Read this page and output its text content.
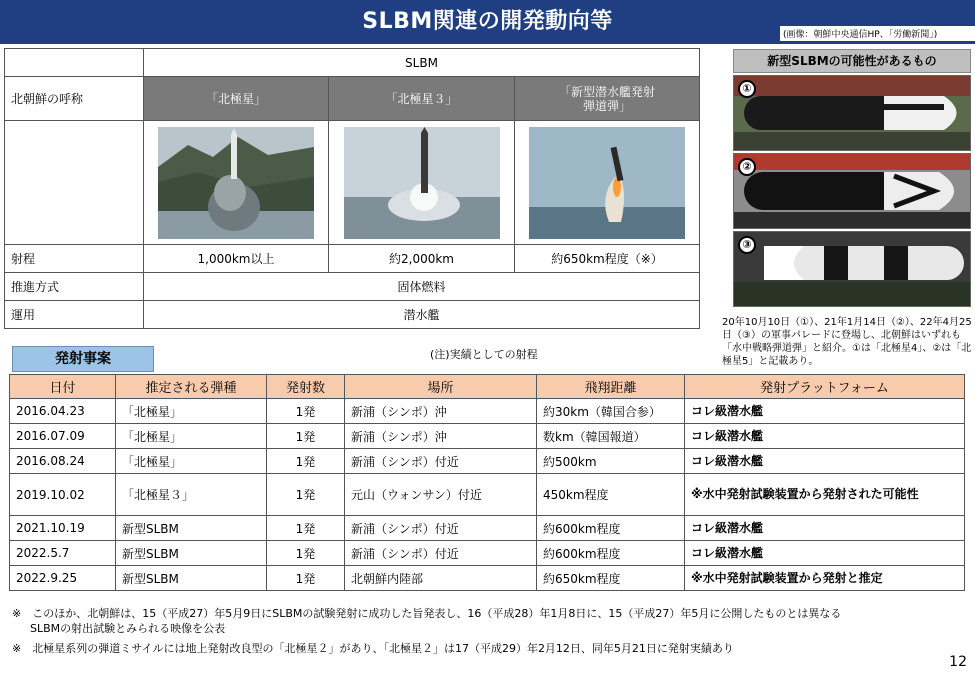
SLBM関連の開発動向等
(画像：朝鮮中央通信HP、「労働新聞」)
	SLBM		
北朝鮮の呼称	「北極星」	「北極星３」	「新型潜水艦発射
弾道弾」

射程	1,000km以上	約2,000km	約650km程度（※）
推進方式	固体燃料		
運用	潜水艦		
新型SLBMの可能性があるもの
①
②
③
20年10月10日（①）、21年1月14日（②）、22年4月25日（③）の軍事パレードに登場し、北朝鮮はいずれも「水中戦略弾道弾」と紹介。①は「北極星4」、②は「北極星5」と記載あり。
発射事案	(注)実績としての射程
日付	推定される弾種	発射数	場所	飛翔距離	発射プラットフォーム
2016.04.23	「北極星」	1発	新浦（シンポ）沖	約30km（韓国合参）	コレ級潜水艦
2016.07.09	「北極星」	1発	新浦（シンポ）沖	数km（韓国報道）	コレ級潜水艦
2016.08.24	「北極星」	1発	新浦（シンポ）付近	約500km	コレ級潜水艦
2019.10.02	「北極星３」	1発	元山（ウォンサン）付近	450km程度	※水中発射試験装置から発射された可能性
2021.10.19	新型SLBM	1発	新浦（シンポ）付近	約600km程度	コレ級潜水艦
2022.5.7	新型SLBM	1発	新浦（シンポ）付近	約600km程度	コレ級潜水艦
2022.9.25	新型SLBM	1発	北朝鮮内陸部	約650km程度	※水中発射試験装置から発射と推定
※　このほか、北朝鮮は、15（平成27）年5月9日にSLBMの試験発射に成功した旨発表し、16（平成28）年1月8日に、15（平成27）年5月に公開したものとは異なる
SLBMの射出試験とみられる映像を公表
※　北極星系列の弾道ミサイルには地上発射改良型の「北極星２」があり、「北極星２」は17（平成29）年2月12日、同年5月21日に発射実績あり
12
